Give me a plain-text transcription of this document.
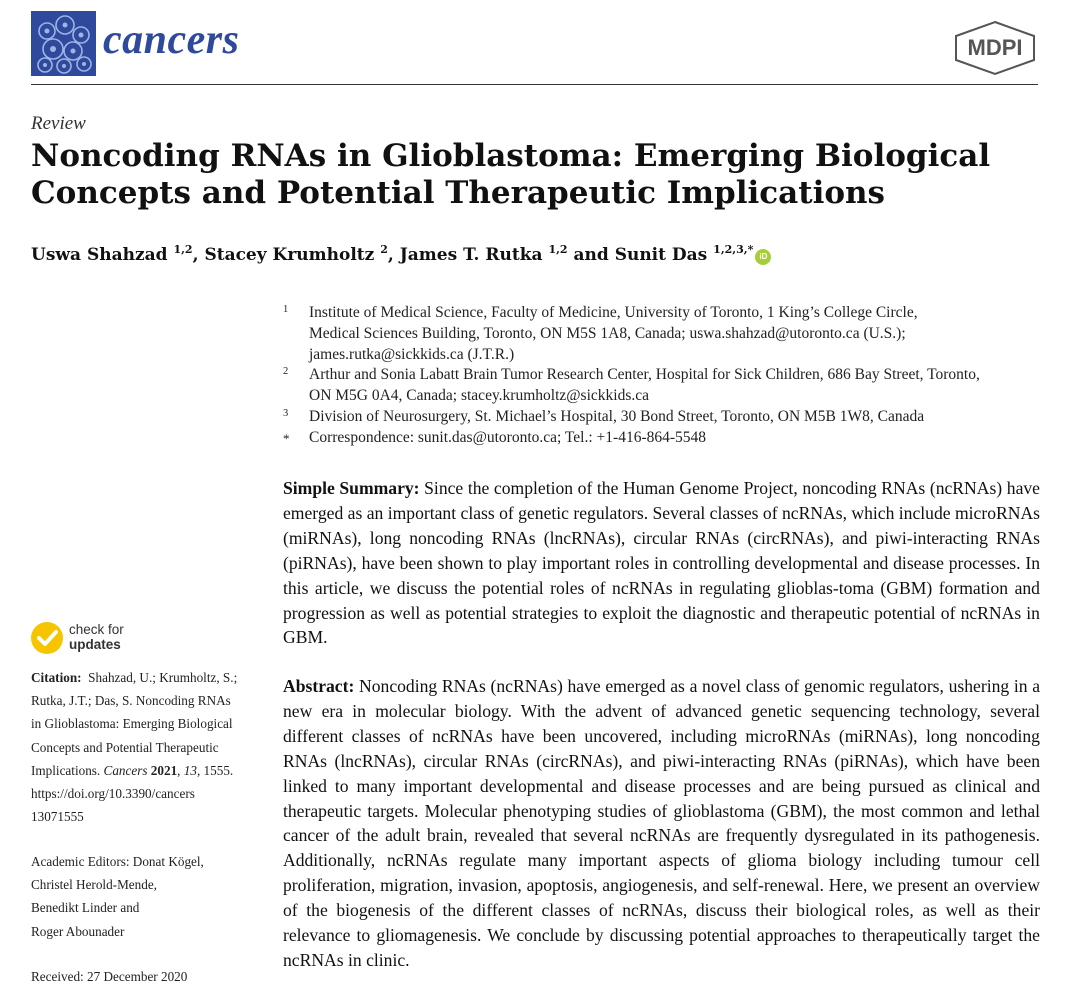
cancers	MDPI
Review
Noncoding RNAs in Glioblastoma: Emerging Biological Concepts and Potential Therapeutic Implications
Uswa Shahzad $^{1,2}$, Stacey Krumholtz $^2$, James T. Rutka $^{1,2}$ and Sunit Das $^{1,2,3,*}$iD
1 Institute of Medical Science, Faculty of Medicine, University of Toronto, 1 King’s College Circle,
Medical Sciences Building, Toronto, ON M5S 1A8, Canada; uswa.shahzad@utoronto.ca (U.S.);
james.rutka@sickkids.ca (J.T.R.)
2 Arthur and Sonia Labatt Brain Tumor Research Center, Hospital for Sick Children, 686 Bay Street, Toronto,
ON M5G 0A4, Canada; stacey.krumholtz@sickkids.ca
3 Division of Neurosurgery, St. Michael’s Hospital, 30 Bond Street, Toronto, ON M5B 1W8, Canada
* Correspondence: sunit.das@utoronto.ca; Tel.: +1-416-864-5548

Simple Summary: Since the completion of the Human Genome Project, noncoding RNAs (ncRNAs) have emerged as an important class of genetic regulators. Several classes of ncRNAs, which include microRNAs (miRNAs), long noncoding RNAs (lncRNAs), circular RNAs (circRNAs), and piwi-interacting RNAs (piRNAs), have been shown to play important roles in controlling developmental and disease processes. In this article, we discuss the potential roles of ncRNAs in regulating glioblas-toma (GBM) formation and progression as well as potential strategies to exploit the diagnostic and therapeutic potential of ncRNAs in GBM.

Abstract: Noncoding RNAs (ncRNAs) have emerged as a novel class of genomic regulators, ushering in a new era in molecular biology. With the advent of advanced genetic sequencing technology, several different classes of ncRNAs have been uncovered, including microRNAs (miRNAs), long noncoding RNAs (lncRNAs), circular RNAs (circRNAs), and piwi-interacting RNAs (piRNAs), which have been linked to many important developmental and disease processes and are being pursued as clinical and therapeutic targets. Molecular phenotyping studies of glioblastoma (GBM), the most common and lethal cancer of the adult brain, revealed that several ncRNAs are frequently dysregulated in its pathogenesis. Additionally, ncRNAs regulate many important aspects of glioma biology including tumour cell proliferation, migration, invasion, apoptosis, angiogenesis, and self-renewal. Here, we present an overview of the biogenesis of the different classes of ncRNAs, discuss their biological roles, as well as their relevance to gliomagenesis. We conclude by discussing potential approaches to therapeutically target the ncRNAs in clinic.

check for
updates
Citation: Shahzad, U.; Krumholtz, S.;
Rutka, J.T.; Das, S. Noncoding RNAs
in Glioblastoma: Emerging Biological
Concepts and Potential Therapeutic
Implications. Cancers 2021, 13, 1555.
https://doi.org/10.3390/cancers
13071555
Academic Editors: Donat Kögel,
Christel Herold-Mende,
Benedikt Linder and
Roger Abounader
Received: 27 December 2020
